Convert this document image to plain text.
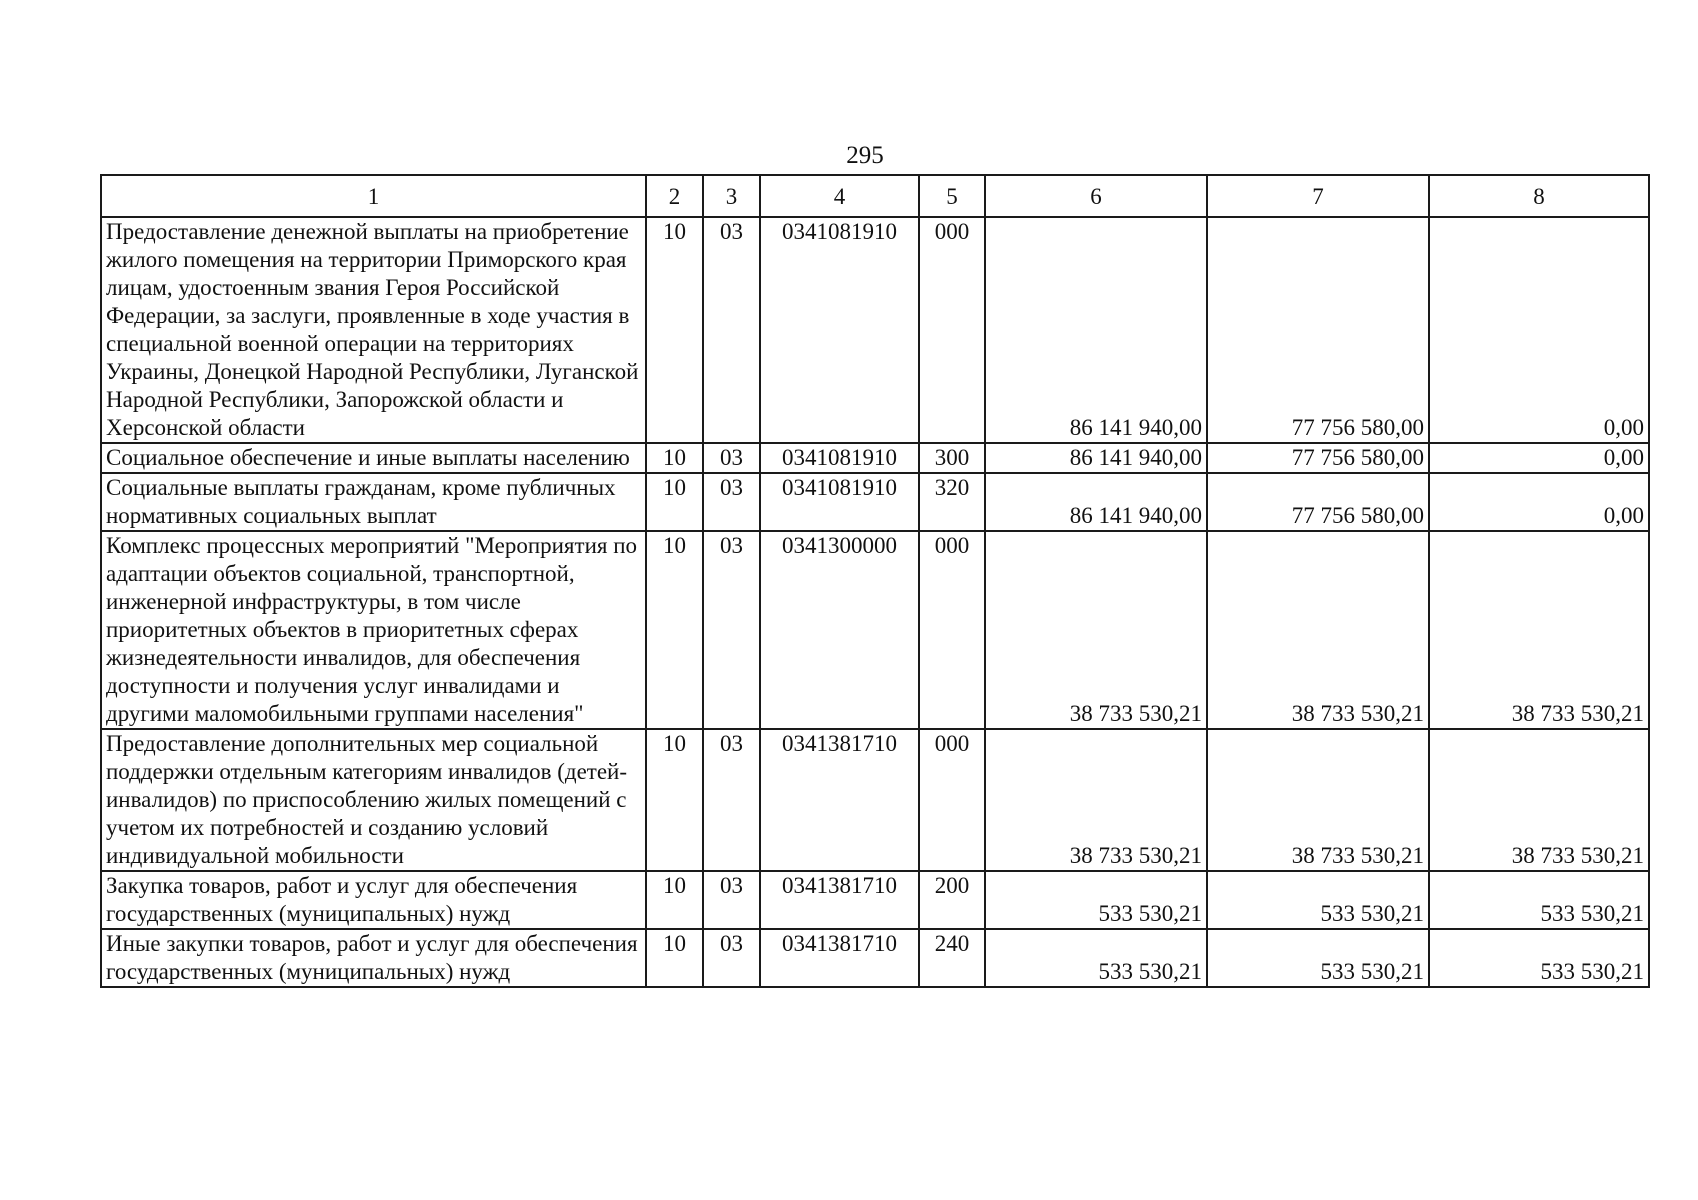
295
1	2	3	4	5	6	7	8
Предоставление денежной выплаты на приобретение жилого помещения на территории Приморского края лицам, удостоенным звания Героя Российской Федерации, за заслуги, проявленные в ходе участия в специальной военной операции на территориях Украины, Донецкой Народной Республики, Луганской Народной Республики, Запорожской области и Херсонской области	10	03	0341081910	000	86 141 940,00	77 756 580,00	0,00
Социальное обеспечение и иные выплаты населению	10	03	0341081910	300	86 141 940,00	77 756 580,00	0,00
Социальные выплаты гражданам, кроме публичных нормативных социальных выплат	10	03	0341081910	320	86 141 940,00	77 756 580,00	0,00
Комплекс процессных мероприятий "Мероприятия по адаптации объектов социальной, транспортной, инженерной инфраструктуры, в том числе приоритетных объектов в приоритетных сферах жизнедеятельности инвалидов, для обеспечения доступности и получения услуг инвалидами и другими маломобильными группами населения"	10	03	0341300000	000	38 733 530,21	38 733 530,21	38 733 530,21
Предоставление дополнительных мер социальной поддержки отдельным категориям инвалидов (детей-инвалидов) по приспособлению жилых помещений с учетом их потребностей и созданию условий индивидуальной мобильности	10	03	0341381710	000	38 733 530,21	38 733 530,21	38 733 530,21
Закупка товаров, работ и услуг для обеспечения государственных (муниципальных) нужд	10	03	0341381710	200	533 530,21	533 530,21	533 530,21
Иные закупки товаров, работ и услуг для обеспечения государственных (муниципальных) нужд	10	03	0341381710	240	533 530,21	533 530,21	533 530,21
